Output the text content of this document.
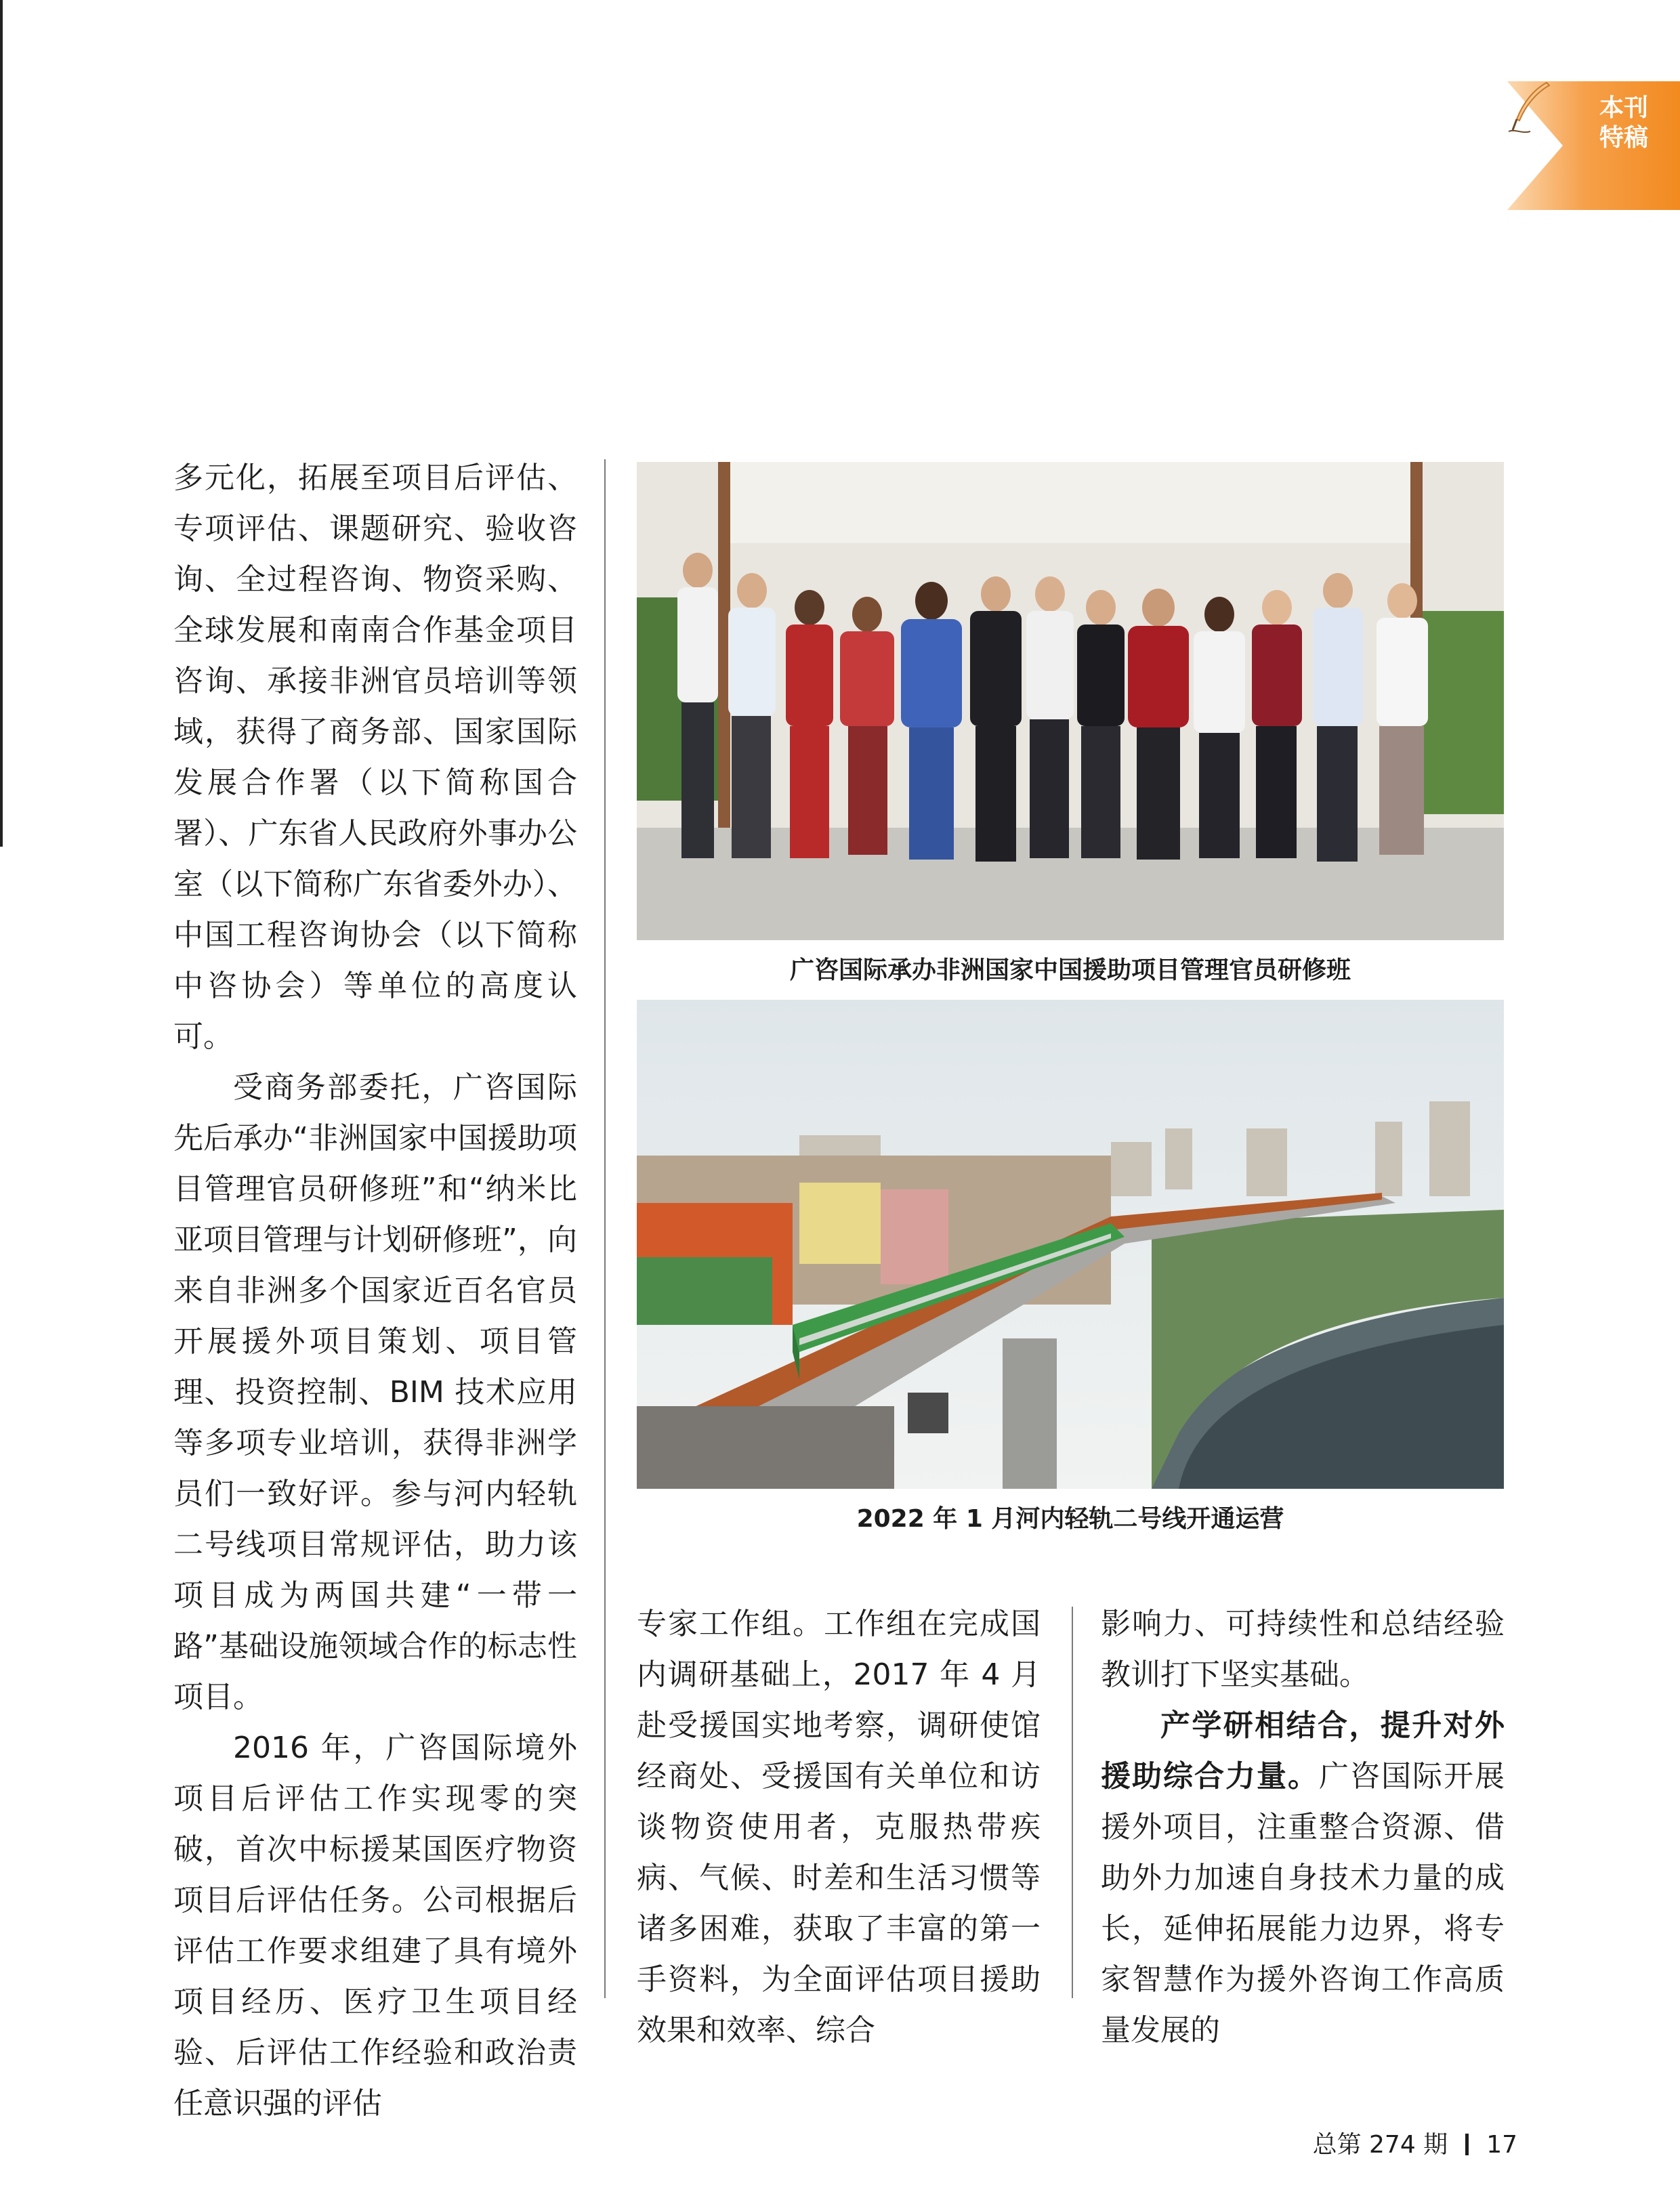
本刊
特稿

多元化，拓展至项目后评估、专项评估、课题研究、验收咨询、全过程咨询、物资采购、全球发展和南南合作基金项目咨询、承接非洲官员培训等领域，获得了商务部、国家国际发展合作署（以下简称国合署）、广东省人民政府外事办公室（以下简称广东省委外办）、中国工程咨询协会（以下简称中咨协会）等单位的高度认可。

受商务部委托，广咨国际先后承办“非洲国家中国援助项目管理官员研修班”和“纳米比亚项目管理与计划研修班”，向来自非洲多个国家近百名官员开展援外项目策划、项目管理、投资控制、BIM 技术应用等多项专业培训，获得非洲学员们一致好评。参与河内轻轨二号线项目常规评估，助力该项目成为两国共建“一带一路”基础设施领域合作的标志性项目。

2016 年，广咨国际境外项目后评估工作实现零的突破，首次中标援某国医疗物资项目后评估任务。公司根据后评估工作要求组建了具有境外项目经历、医疗卫生项目经验、后评估工作经验和政治责任意识强的评估

广咨国际承办非洲国家中国援助项目管理官员研修班
2022 年 1 月河内轻轨二号线开通运营

专家工作组。工作组在完成国内调研基础上，2017 年 4 月赴受援国实地考察，调研使馆经商处、受援国有关单位和访谈物资使用者，克服热带疾病、气候、时差和生活习惯等诸多困难，获取了丰富的第一手资料，为全面评估项目援助效果和效率、综合

影响力、可持续性和总结经验教训打下坚实基础。

产学研相结合，提升对外援助综合力量。广咨国际开展援外项目，注重整合资源、借助外力加速自身技术力量的成长，延伸拓展能力边界，将专家智慧作为援外咨询工作高质量发展的

总第 274 期 17
